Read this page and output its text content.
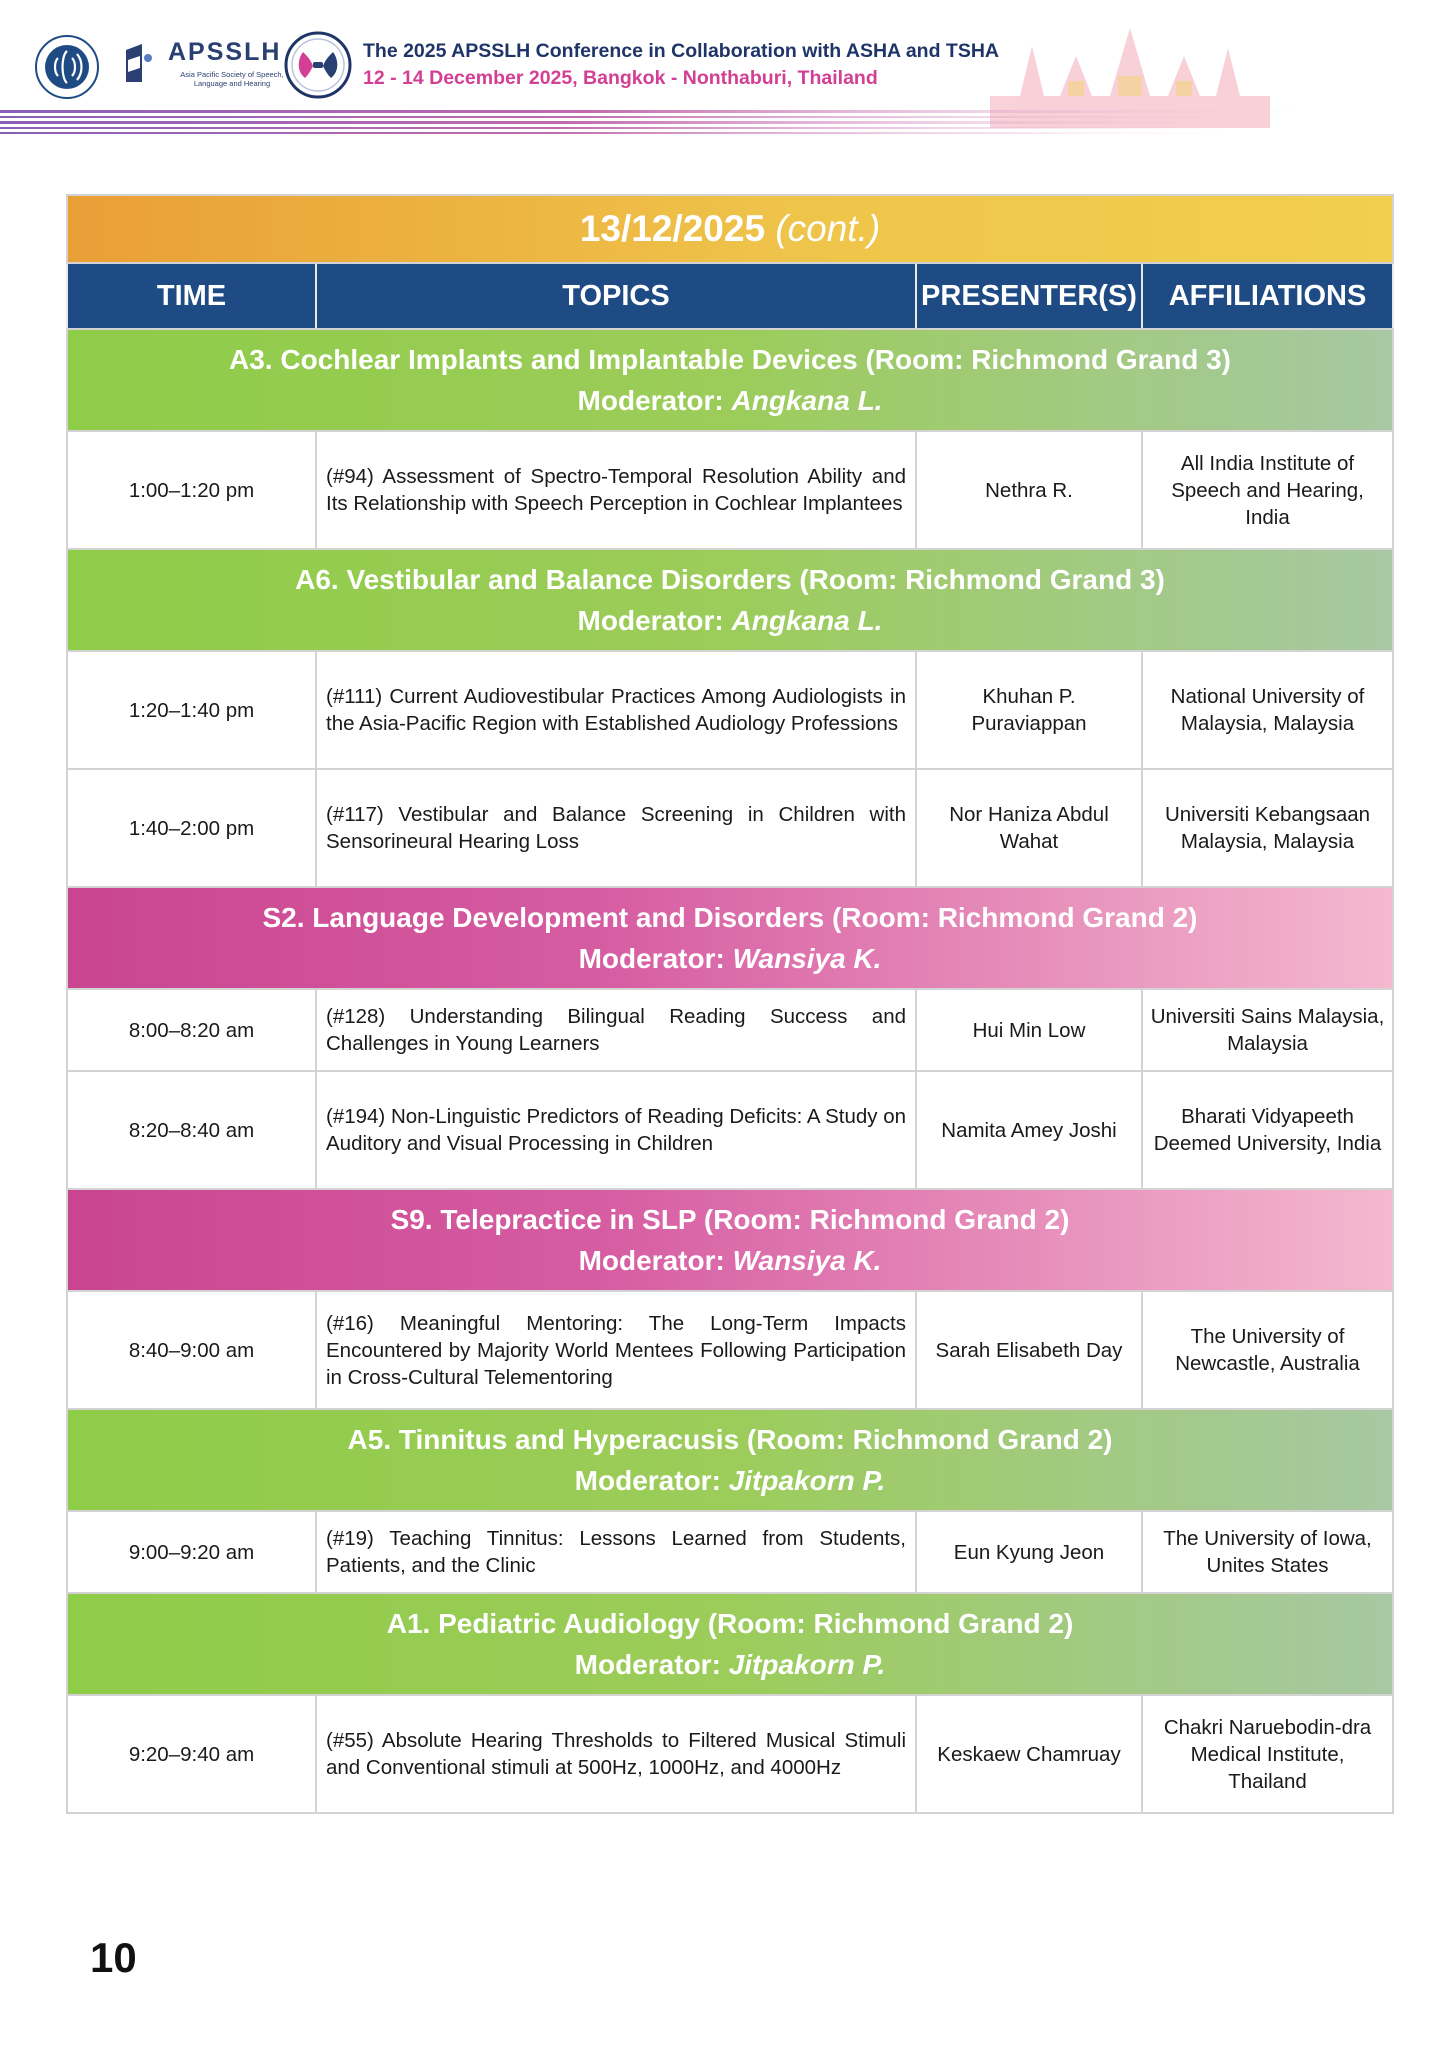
APSSLH
Asia Pacific Society of Speech, Language and Hearing
The 2025 APSSLH Conference in Collaboration with ASHA and TSHA
12 - 14 December 2025, Bangkok - Nonthaburi, Thailand
13/12/2025 (cont.)			
TIME	TOPICS	PRESENTER(S)	AFFILIATIONS

A3. Cochlear Implants and Implantable Devices (Room: Richmond Grand 3)
Moderator: Angkana L.			

1:00–1:20 pm	(#94) Assessment of Spectro-Temporal Resolution Ability and Its Relationship with Speech Perception in Cochlear Implantees	Nethra R.	All India Institute of Speech and Hearing, India

A6. Vestibular and Balance Disorders (Room: Richmond Grand 3)
Moderator: Angkana L.			

1:20–1:40 pm	(#111) Current Audiovestibular Practices Among Audiologists in the Asia-Pacific Region with Established Audiology Professions	Khuhan P. Puraviappan	National University of Malaysia, Malaysia
1:40–2:00 pm	(#117) Vestibular and Balance Screening in Children with Sensorineural Hearing Loss	Nor Haniza Abdul Wahat	Universiti Kebangsaan Malaysia, Malaysia

S2. Language Development and Disorders (Room: Richmond Grand 2)
Moderator: Wansiya K.			

8:00–8:20 am	(#128) Understanding Bilingual Reading Success and Challenges in Young Learners	Hui Min Low	Universiti Sains Malaysia, Malaysia
8:20–8:40 am	(#194) Non-Linguistic Predictors of Reading Deficits: A Study on Auditory and Visual Processing in Children	Namita Amey Joshi	Bharati Vidyapeeth Deemed University, India

S9. Telepractice in SLP (Room: Richmond Grand 2)
Moderator: Wansiya K.			

8:40–9:00 am	(#16) Meaningful Mentoring: The Long-Term Impacts Encountered by Majority World Mentees Following Participation in Cross-Cultural Telementoring	Sarah Elisabeth Day	The University of Newcastle, Australia

A5. Tinnitus and Hyperacusis (Room: Richmond Grand 2)
Moderator: Jitpakorn P.			

9:00–9:20 am	(#19) Teaching Tinnitus: Lessons Learned from Students, Patients, and the Clinic	Eun Kyung Jeon	The University of Iowa, Unites States

A1. Pediatric Audiology (Room: Richmond Grand 2)
Moderator: Jitpakorn P.			

9:20–9:40 am	(#55) Absolute Hearing Thresholds to Filtered Musical Stimuli and Conventional stimuli at 500Hz, 1000Hz, and 4000Hz	Keskaew Chamruay	Chakri Naruebodin-dra Medical Institute, Thailand
10
